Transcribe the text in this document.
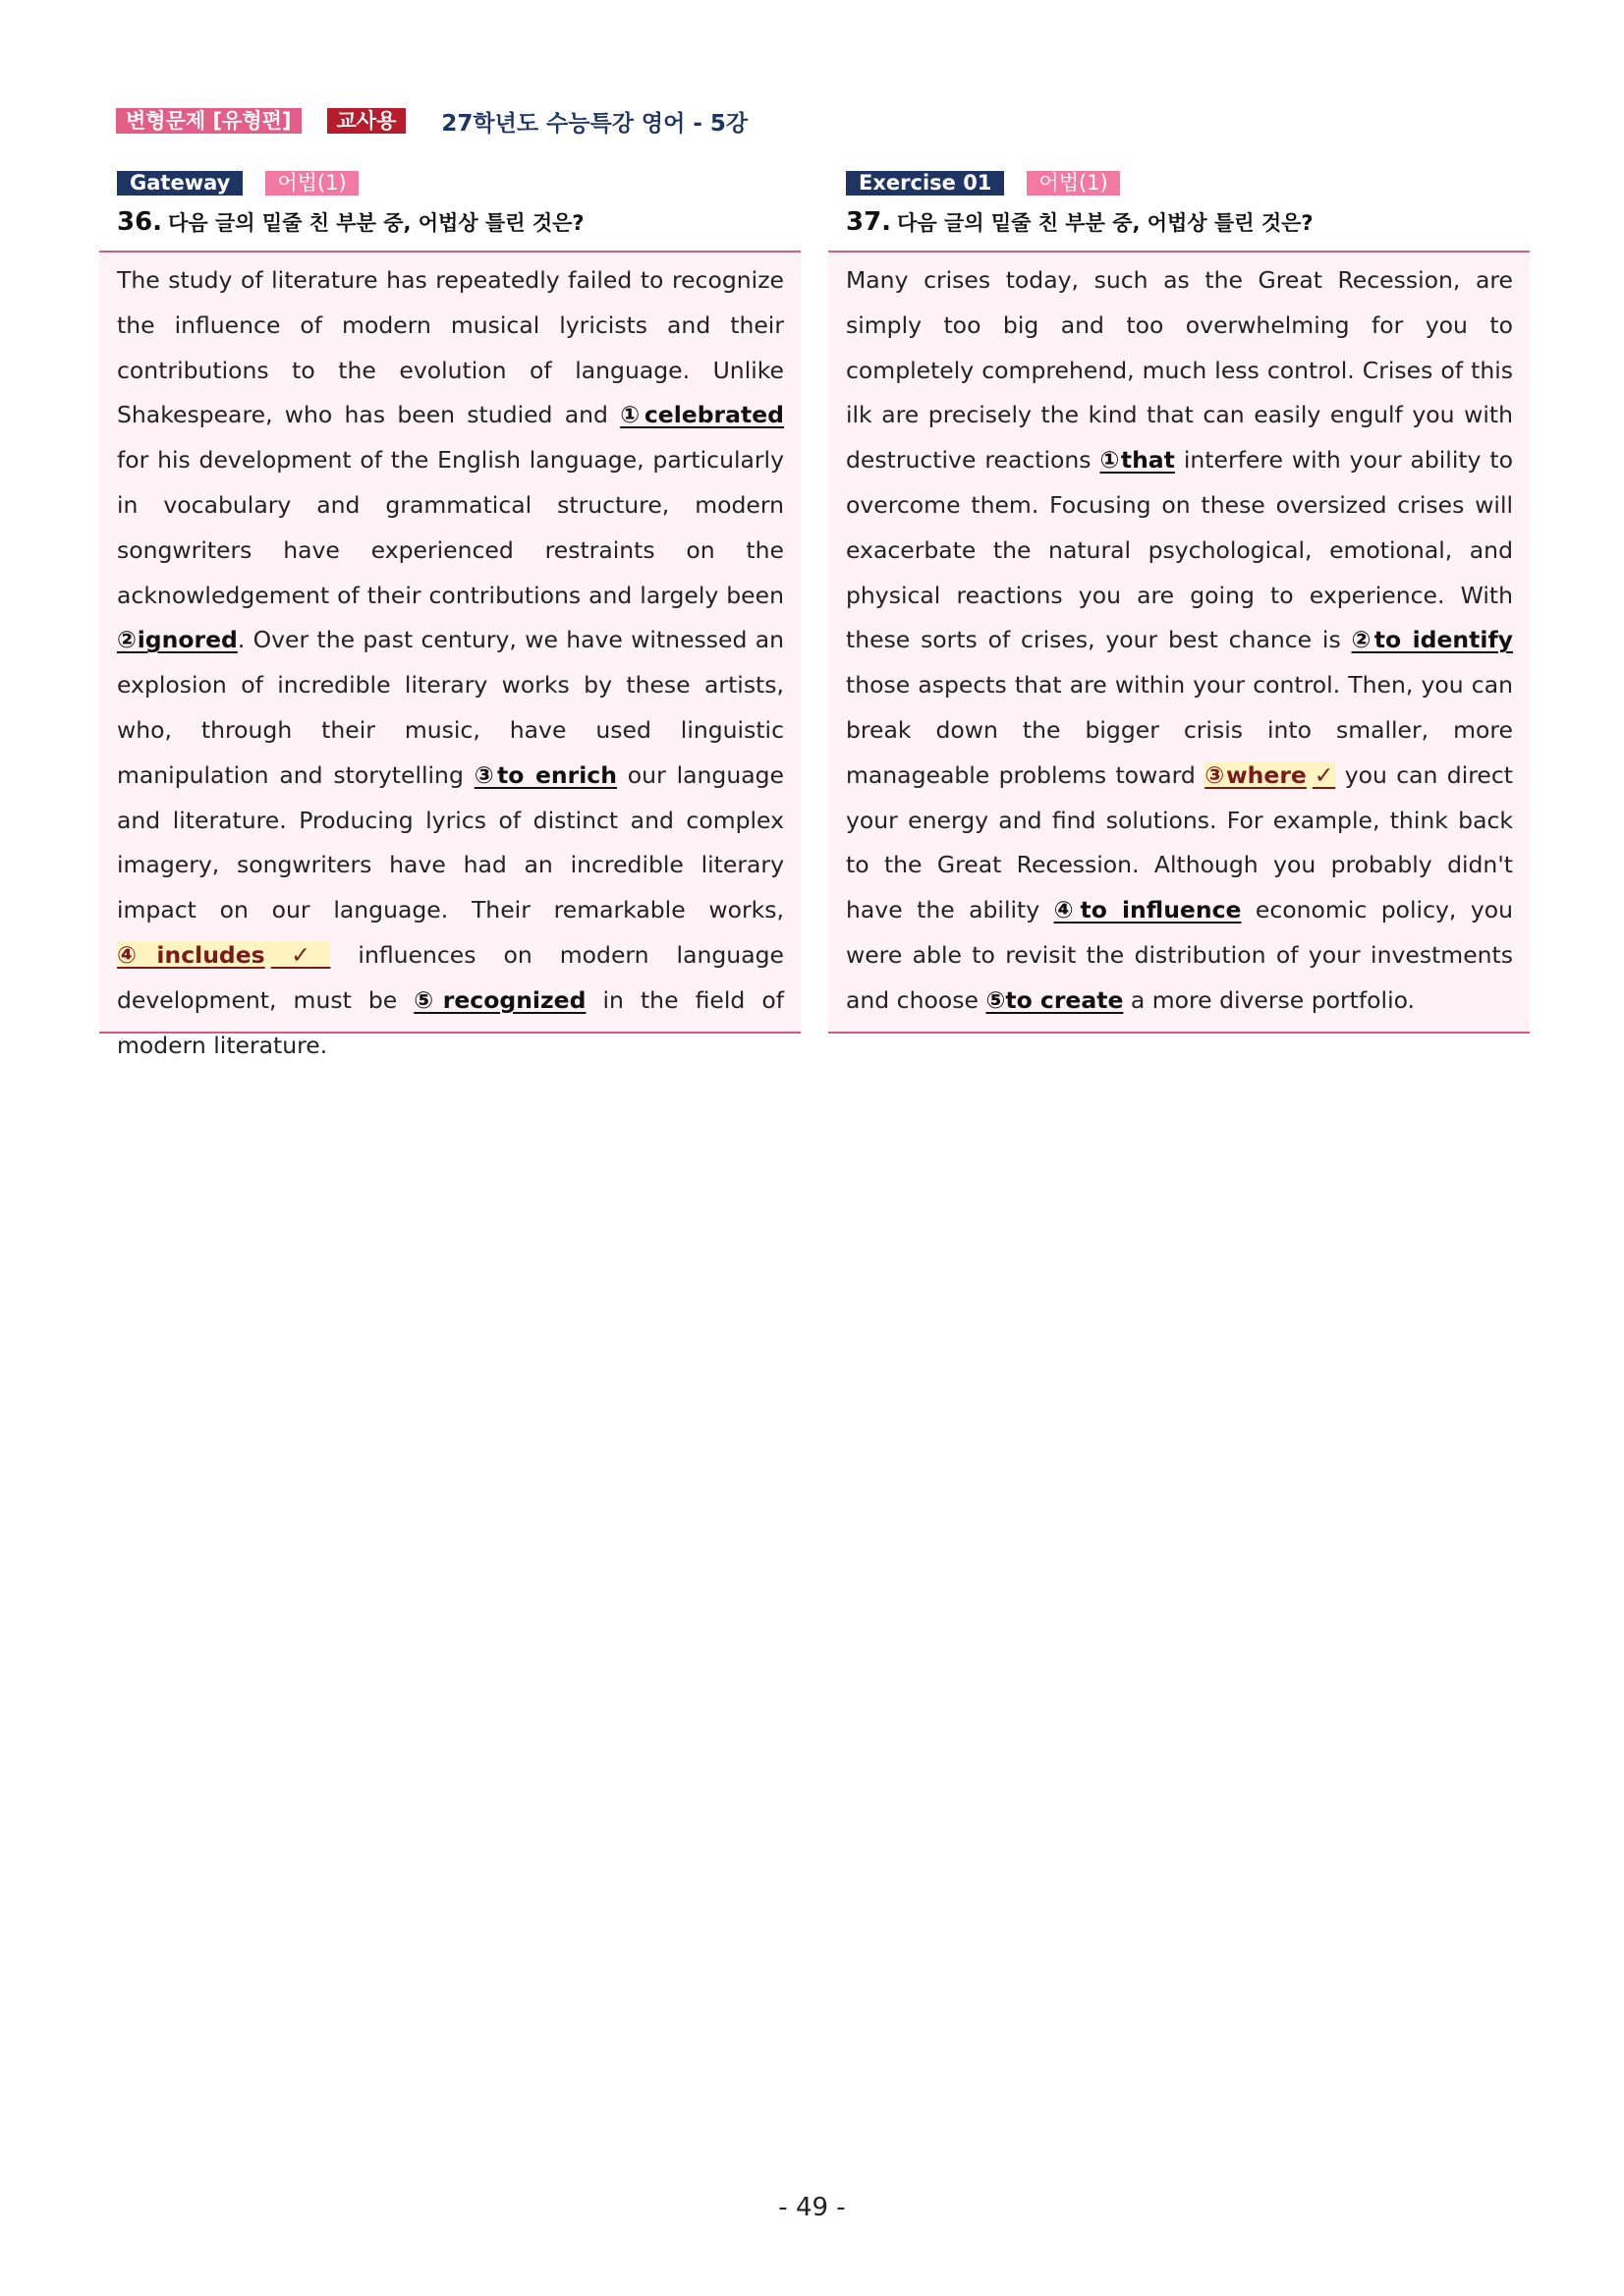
변형문제 [유형편]	교사용	27학년도 수능특강 영어 - 5강
Gateway	어법(1)
36. 다음 글의 밑줄 친 부분 중, 어법상 틀린 것은?

The study of literature has repeatedly failed to recognize the influence of modern musical lyricists and their contributions to the evolution of language. Unlike Shakespeare, who has been studied and ①celebrated for his development of the English language, particularly in vocabulary and grammatical structure, modern songwriters have experienced restraints on the acknowledgement of their contributions and largely been ②ignored. Over the past century, we have witnessed an explosion of incredible literary works by these artists, who, through their music, have used linguistic manipulation and storytelling ③to enrich our language and literature. Producing lyrics of distinct and complex imagery, songwriters have had an incredible literary impact on our language. Their remarkable works, ④includes ✓ influences on modern language development, must be ⑤recognized in the field of modern literature.

Exercise 01	어법(1)
37. 다음 글의 밑줄 친 부분 중, 어법상 틀린 것은?

Many crises today, such as the Great Recession, are simply too big and too overwhelming for you to completely comprehend, much less control. Crises of this ilk are precisely the kind that can easily engulf you with destructive reactions ①that interfere with your ability to overcome them. Focusing on these oversized crises will exacerbate the natural psychological, emotional, and physical reactions you are going to experience. With these sorts of crises, your best chance is ②to identify those aspects that are within your control. Then, you can break down the bigger crisis into smaller, more manageable problems toward ③where ✓ you can direct your energy and find solutions. For example, think back to the Great Recession. Although you probably didn't have the ability ④to influence economic policy, you were able to revisit the distribution of your investments and choose ⑤to create a more diverse portfolio.

- 49 -
